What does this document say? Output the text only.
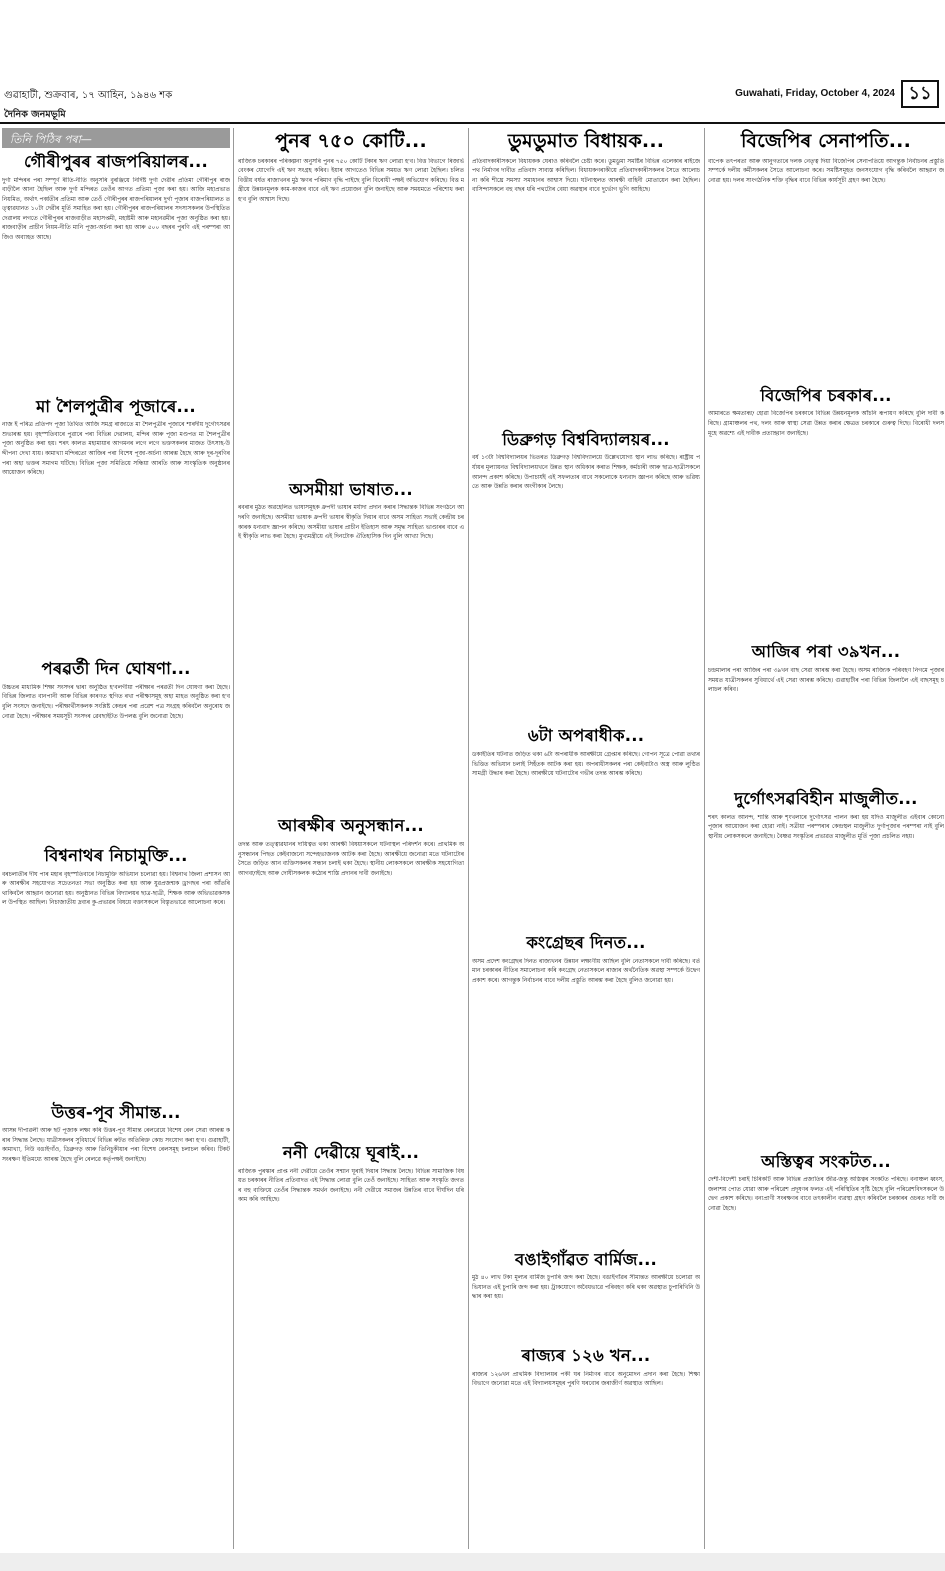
গুৱাহাটী, শুক্ৰবাৰ, ১৭ আহিন, ১৯৪৬ শক	Guwahati, Friday, October 4, 2024 ১১
দৈনিক জনমভূমি
তিনি পিঠিৰ পৰা—
গৌৰীপুৰৰ ৰাজপৰিয়ালৰ...
দুৰ্গা মন্দিৰৰ পৰা সম্পূৰ্ণ ৰীতি-নীতি অনুসৰি বুৰঞ্জিয়ে নিৰ্দিষ্ট দুৰ্গা দেৱীৰ প্ৰতিমা গৌৰীপুৰ ৰাজবাড়ীলৈ আনা হৈছিল আৰু দুৰ্গা মন্দিৰত তেওঁৰ আগত প্ৰতিমা পূজা কৰা হয়। আজি মহাপ্ৰভাত নিয়মিত, অৰ্থাৎ পৰ্ব্বতীৰ প্ৰতিমা আৰু তেওঁ গৌৰীপুৰৰ ৰাজপৰিয়ালৰ দুৰ্গা পূজাৰ বাজপৰিয়ালত তত্ত্বাৱধানত ১০টা দেৱীৰ মূৰ্তি সমাহিত কৰা হয়। গৌৰীপুৰৰ ৰাজপৰিয়ালৰ সদস্যসকলৰ উপস্থিতিত দেৱালয় লগতে গৌৰীপুৰৰ ৰাজবাড়ীত মহাসপ্তমী, মহাষ্টমী আৰু মহানৱমীৰ পূজা অনুষ্ঠিত কৰা হয়। ৰাজবাড়ীৰ প্ৰাচীন নিয়ম-নীতি মানি পূজা-অৰ্চনা কৰা হয় আৰু ৫০০ বছৰৰ পুৰণি এই পৰম্পৰা আজিও অব্যাহত আছে।
মা শৈলপুত্ৰীৰ পূজাৰে...
নাজ ই পৰিত্ৰ প্ৰতিপদ পূজা তিথিত আজি সমগ্ৰ ৰাজ্যতে মা শৈলপুত্ৰীৰ পূজাৰে শাৰদীয় দুৰ্গোৎসৱৰ শুভাৰম্ভ হয়। বৃহস্পতিবাৰে পুৱাৰে পৰা বিভিন্ন দেৱালয়, মন্দিৰ আৰু পূজা মণ্ডপত মা শৈলপুত্ৰীৰ পূজা অনুষ্ঠিত কৰা হয়। শৰৎ কালত মহামায়াৰ আগমনৰ লগে লগে ভক্তসকলৰ মাজত উৎসাহ-উদ্দীপনা দেখা যায়। কামাখ্যা মন্দিৰতো আজিৰ পৰা বিশেষ পূজা-অৰ্চনা আৰম্ভ হৈছে আৰু দূৰ-দূৰণিৰ পৰা অহা ভক্তৰ সমাগম ঘটিছে। বিভিন্ন পূজা সমিতিয়ে সন্ধিয়া আৰতি আৰু সাংস্কৃতিক অনুষ্ঠানৰ আয়োজন কৰিছে।
পৰৱৰ্তী দিন ঘোষণা...
উচ্চতৰ মাধ্যমিক শিক্ষা সংসদৰ দ্বাৰা অনুষ্ঠিত হ'বলগীয়া পৰীক্ষাৰ পৰৱৰ্তী দিন ঘোষণা কৰা হৈছে। বিভিন্ন জিলাত বানপানী আৰু বিভিন্ন কাৰণত স্থগিত ৰখা পৰীক্ষাসমূহ অহা মাহত অনুষ্ঠিত কৰা হ'ব বুলি সংসদে জনাইছে। পৰীক্ষাৰ্থীসকলক সংশ্লিষ্ট কেন্দ্ৰৰ পৰা প্ৰৱেশ পত্ৰ সংগ্ৰহ কৰিবলৈ অনুৰোধ জনোৱা হৈছে। পৰীক্ষাৰ সময়সূচী সংসদৰ ৱেবছাইটত উপলব্ধ বুলি জনোৱা হৈছে।
বিশ্বনাথৰ নিচামুক্তি...
বৰচলাৰ্তীৰ দীঘ পাৰ মহাৰ বৃহস্পতিবাৰে নিচামুক্তি অভিযান চলোৱা হয়। বিশ্বনাথ জিলা প্ৰশাসন আৰু আৰক্ষীৰ সহযোগত সচেতনতা সভা অনুষ্ঠিত কৰা হয় আৰু যুৱপ্ৰজন্মক ড্ৰাগছৰ পৰা আঁতৰি থাকিবলৈ আহ্বান জনোৱা হয়। অনুষ্ঠানত বিভিন্ন বিদ্যালয়ৰ ছাত্ৰ-ছাত্ৰী, শিক্ষক আৰু অভিভাৱকসকল উপস্থিত আছিল। নিচাজাতীয় দ্ৰব্যৰ কু-প্ৰভাৱৰ বিষয়ে বক্তাসকলে বিস্তৃতভাৱে আলোচনা কৰে।
উত্তৰ-পূব সীমান্ত...
আসন্ন দীপাৱলী আৰু ছট পূজাক লক্ষ্য কৰি উত্তৰ-পূব সীমান্ত ৰেলৱেয়ে বিশেষ ৰেল সেৱা আৰম্ভ কৰাৰ সিদ্ধান্ত লৈছে। যাত্ৰীসকলৰ সুবিধাৰ্থে বিভিন্ন ৰুটত অতিৰিক্ত কোচ সংযোগ কৰা হ'ব। গুৱাহাটী, কামাখ্যা, নিউ বঙাইগাঁও, ডিব্ৰুগড় আৰু তিনিচুকীয়াৰ পৰা বিশেষ ৰেলসমূহ চলাচল কৰিব। টিকট সংৰক্ষণ ইতিমধ্যে আৰম্ভ হৈছে বুলি ৰেলৱে কৰ্তৃপক্ষই জনাইছে।
পুনৰ ৭৫০ কোটি...
ৰাজ্যিক চৰকাৰৰ পৰিকল্পনা অনুসৰি পুনৰ ৭৫০ কোটি টকাৰ ঋণ লোৱা হ'ব। বিত্ত বিভাগে ৰিজাৰ্ভ বেংকৰ যোগেদি এই ঋণ সংগ্ৰহ কৰিব। ইয়াৰ আগতেও বিভিন্ন সময়ত ঋণ লোৱা হৈছিল। চলিত বিত্তীয় বৰ্ষত ৰাজ্যখনৰ মুঠ ঋণৰ পৰিমাণ বৃদ্ধি পাইছে বুলি বিৰোধী পক্ষই অভিযোগ কৰিছে। বিত্ত মন্ত্ৰীয়ে উন্নয়নমূলক কাম-কাজৰ বাবে এই ঋণ প্ৰয়োজন বুলি জনাইছে আৰু সময়মতে পৰিশোধ কৰা হ'ব বুলি আশ্বাস দিছে।
অসমীয়া ভাষাত...
ৰবৰাৰ মুঠত অৱহেলিত ভাষাসমূহক ধ্ৰুপদী ভাষাৰ মৰ্যাদা প্ৰদান কৰাৰ সিদ্ধান্তক বিভিন্ন সংগঠনে আদৰণি জনাইছে। অসমীয়া ভাষাক ধ্ৰুপদী ভাষাৰ স্বীকৃতি দিয়াৰ বাবে অসম সাহিত্য সভাই কেন্দ্ৰীয় চৰকাৰক ধন্যবাদ জ্ঞাপন কৰিছে। অসমীয়া ভাষাৰ প্ৰাচীন ইতিহাস আৰু সমৃদ্ধ সাহিত্য ভাণ্ডাৰৰ বাবে এই স্বীকৃতি লাভ কৰা হৈছে। মুখ্যমন্ত্ৰীয়ে এই দিনটোক ঐতিহাসিক দিন বুলি আখ্যা দিছে।
আৰক্ষীৰ অনুসন্ধান...
তদন্ত আৰু তত্ত্বাৱধানৰ দায়িত্বত থকা আৰক্ষী বিষয়াসকলে ঘটনাস্থল পৰিদৰ্শন কৰে। প্ৰাথমিক অনুসন্ধানৰ পিছত কেইবাজনো সন্দেহভাজনক আটক কৰা হৈছে। আৰক্ষীয়ে জনোৱা মতে ঘটনাটোৰ সৈতে জড়িত আন ব্যক্তিসকলৰ সন্ধান চলাই থকা হৈছে। স্থানীয় লোকসকলে আৰক্ষীক সহযোগিতা আগবঢ়াইছে আৰু দোষীসকলক কঠোৰ শাস্তি প্ৰদানৰ দাবী জনাইছে।
ননী দেৱীয়ে ঘূৰাই...
ৰাজ্যিক পুৰস্কাৰ প্ৰাপ্ত ননী দেৱীয়ে তেওঁৰ সন্মান ঘূৰাই দিয়াৰ সিদ্ধান্ত লৈছে। বিভিন্ন সামাজিক বিষয়ত চৰকাৰৰ নীতিৰ প্ৰতিবাদত এই সিদ্ধান্ত লোৱা বুলি তেওঁ জনাইছে। সাহিত্য আৰু সংস্কৃতি জগতৰ বহু ব্যক্তিয়ে তেওঁৰ সিদ্ধান্তক সমৰ্থন জনাইছে। ননী দেৱীয়ে সমাজৰ উন্নতিৰ বাবে দীৰ্ঘদিন ধৰি কাম কৰি আহিছে।
ডুমডুমাত বিধায়ক...
প্ৰতিবাদকাৰীসকলে বিধায়কক ঘেৰাও কৰিবলৈ চেষ্টা কৰে। ডুমডুমা সমষ্টিৰ বিভিন্ন এলেকাৰ ৰাইজে পথ নিৰ্মাণৰ দাবীত প্ৰতিবাদ সাব্যস্ত কৰিছিল। বিধায়কগৰাকীয়ে প্ৰতিবাদকাৰীসকলৰ সৈতে আলোচনা কৰি শীঘ্ৰে সমস্যা সমাধানৰ আশ্বাস দিয়ে। ঘটনাস্থলত আৰক্ষী বাহিনী মোতায়েন কৰা হৈছিল। বাসিন্দাসকলে বহু বছৰ ধৰি পথটোৰ বেয়া অৱস্থাৰ বাবে দুৰ্ভোগ ভুগি আহিছে।
ডিব্ৰুগড় বিশ্ববিদ্যালয়ৰ...
বৰ্ষ ১৩টা বিশ্ববিদ্যালয়ৰ ভিতৰত ডিব্ৰুগড় বিশ্ববিদ্যালয়ে উল্লেখযোগ্য স্থান লাভ কৰিছে। ৰাষ্ট্ৰীয় পৰ্যায়ৰ মূল্যায়নত বিশ্ববিদ্যালয়খনে উন্নত স্থান অধিকাৰ কৰাত শিক্ষক, কৰ্মচাৰী আৰু ছাত্ৰ-ছাত্ৰীসকলে আনন্দ প্ৰকাশ কৰিছে। উপাচাৰ্যই এই সফলতাৰ বাবে সকলোকে ধন্যবাদ জ্ঞাপন কৰিছে আৰু ভৱিষ্যতে আৰু উন্নতি কৰাৰ অংগীকাৰ লৈছে।
৬টা অপৰাধীক...
ডকাইতিৰ ঘটনাত জড়িত থকা ৬টা অপৰাধীক আৰক্ষীয়ে গ্ৰেপ্তাৰ কৰিছে। গোপন সূত্ৰে পোৱা তথ্যৰ ভিত্তিত অভিযান চলাই সিহঁতক আটক কৰা হয়। অপৰাধীসকলৰ পৰা কেইবাটাও অস্ত্ৰ আৰু লুণ্ঠিত সামগ্ৰী উদ্ধাৰ কৰা হৈছে। আৰক্ষীয়ে ঘটনাটোৰ গভীৰ তদন্ত আৰম্ভ কৰিছে।
কংগ্ৰেছৰ দিনত...
অসম প্ৰদেশ কংগ্ৰেছৰ দিনত ৰাজ্যখনৰ উন্নয়ন লক্ষ্যণীয় আছিল বুলি নেতাসকলে দাবী কৰিছে। বৰ্তমান চৰকাৰৰ নীতিৰ সমালোচনা কৰি কংগ্ৰেছ নেতাসকলে ৰাজ্যৰ অৰ্থনৈতিক অৱস্থা সম্পৰ্কে উদ্বেগ প্ৰকাশ কৰে। আগন্তুক নিৰ্বাচনৰ বাবে দলীয় প্ৰস্তুতি আৰম্ভ কৰা হৈছে বুলিও জনোৱা হয়।
বঙাইগাঁৱত বাৰ্মিজ...
মুঠ ৪০ লাখ টকা মূল্যৰ বাৰ্মিজ চুপাৰি জব্দ কৰা হৈছে। বঙাইগাঁৱৰ সীমান্তত আৰক্ষীয়ে চলোৱা অভিযানত এই চুপাৰি জব্দ কৰা হয়। ট্ৰাকযোগে অবৈধভাৱে পৰিবহণ কৰি থকা অৱস্থাত চুপাৰিখিনি উদ্ধাৰ কৰা হয়।
ৰাজ্যৰ ১২৬ খন...
ৰাজ্যৰ ১২৬খন প্ৰাথমিক বিদ্যালয়ৰ পকী ঘৰ নিৰ্মাণৰ বাবে অনুমোদন প্ৰদান কৰা হৈছে। শিক্ষা বিভাগে জনোৱা মতে এই বিদ্যালয়সমূহৰ পুৰণি ঘৰবোৰ জৰাজীৰ্ণ অৱস্থাত আছিল।
বিজেপিৰ সেনাপতি...
বাপেক তৎপৰতা আৰু আনুগত্যৰে দলক নেতৃত্ব দিয়া বিজেপিৰ সেনাপতিয়ে আগন্তুক নিৰ্বাচনৰ প্ৰস্তুতি সম্পৰ্কে দলীয় কৰ্মীসকলৰ সৈতে আলোচনা কৰে। সমষ্টিসমূহত জনসংযোগ বৃদ্ধি কৰিবলৈ আহ্বান জনোৱা হয়। দলৰ সাংগঠনিক শক্তি বৃদ্ধিৰ বাবে বিভিন্ন কাৰ্যসূচী গ্ৰহণ কৰা হৈছে।
বিজেপিৰ চৰকাৰ...
আমাৰতে ক্ষমতাৰূঢ় হোৱা বিজেপিৰ চৰকাৰে বিভিন্ন উন্নয়নমূলক আঁচনি ৰূপায়ণ কৰিছে বুলি দাবী কৰিছে। গ্ৰামাঞ্চলৰ পথ, দলং আৰু স্বাস্থ্য সেৱা উন্নত কৰাৰ ক্ষেত্ৰত চৰকাৰে গুৰুত্ব দিছে। বিৰোধী দলসমূহে অৱশ্যে এই দাবীক প্ৰত্যাহ্বান জনাইছে।
আজিৰ পৰা ৩৯খন...
চন্দ্ৰমালাৰ পৰা আজিৰ পৰা ৩৯খন বাছ সেৱা আৰম্ভ কৰা হৈছে। অসম ৰাজ্যিক পৰিবহণ নিগমে পূজাৰ সময়ত যাত্ৰীসকলৰ সুবিধাৰ্থে এই সেৱা আৰম্ভ কৰিছে। গুৱাহাটীৰ পৰা বিভিন্ন জিলালৈ এই বাছসমূহ চলাচল কৰিব।
দুৰ্গোৎসৱবিহীন মাজুলীত...
শৰৎ কালত আনন্দ, শান্তি আৰু শৃংখলাৰে দুৰ্গোৎসৱ পালন কৰা হয় যদিও মাজুলীত এইবাৰ কোনো পূজাৰ আয়োজন কৰা হোৱা নাই। সত্ৰীয়া পৰম্পৰাৰ কেন্দ্ৰস্থল মাজুলীত দুৰ্গাপূজাৰ পৰম্পৰা নাই বুলি স্থানীয় লোকসকলে জনাইছে। বৈষ্ণৱ সংস্কৃতিৰ প্ৰভাৱত মাজুলীত মূৰ্তি পূজা প্ৰচলিত নহয়।
অস্তিত্বৰ সংকটত...
দেশী-বিদেশী চৰাই চিৰিকটি আৰু বিভিন্ন প্ৰজাতিৰ জীৱ-জন্তু অস্তিত্বৰ সংকটত পৰিছে। বনাঞ্চল ধ্বংস, জলাশয় পোত যোৱা আৰু পৰিৱেশ প্ৰদূষণৰ ফলত এই পৰিস্থিতিৰ সৃষ্টি হৈছে বুলি পৰিৱেশবিদসকলে উদ্বেগ প্ৰকাশ কৰিছে। বন্যপ্ৰাণী সংৰক্ষণৰ বাবে তৎকালীন ব্যৱস্থা গ্ৰহণ কৰিবলৈ চৰকাৰৰ ওচৰত দাবী জনোৱা হৈছে।
